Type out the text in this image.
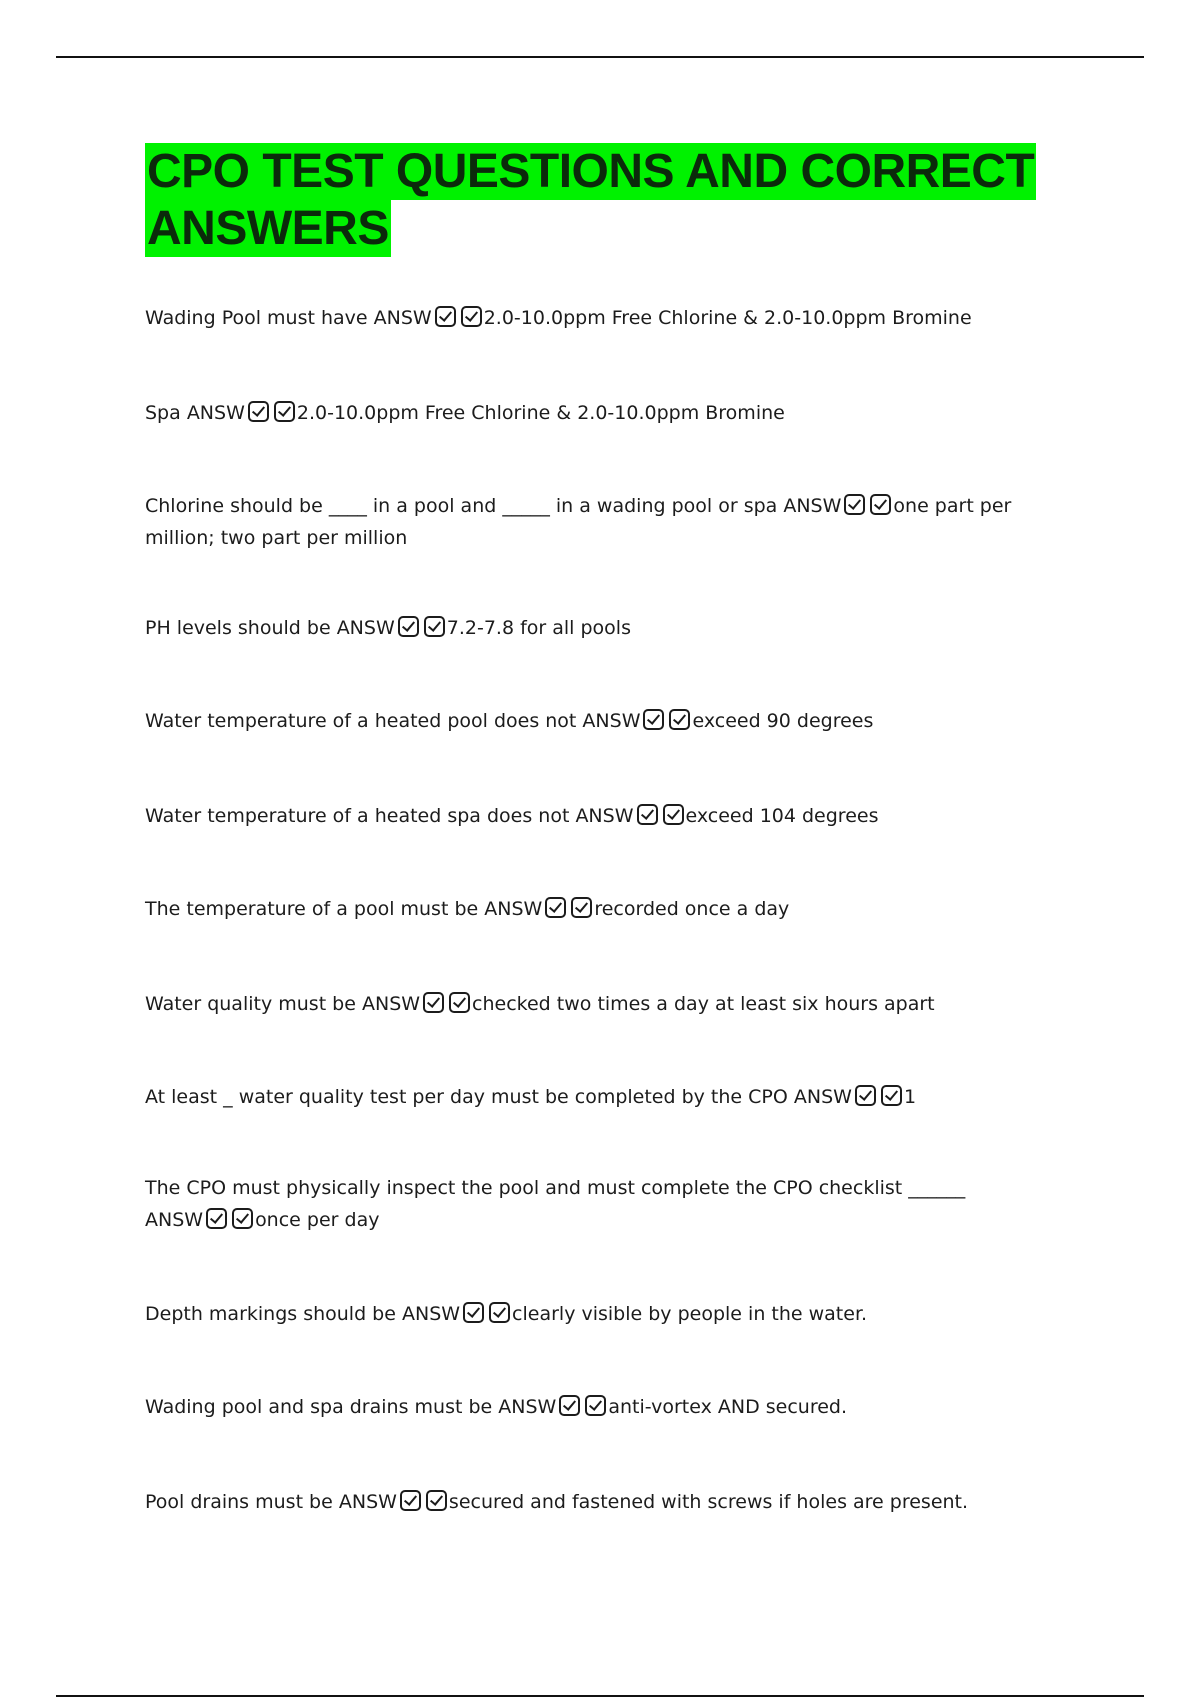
CPO TEST QUESTIONS AND CORRECT
ANSWERS
Wading Pool must have ANSW	2.0-10.0ppm Free Chlorine & 2.0-10.0ppm Bromine
Spa ANSW	2.0-10.0ppm Free Chlorine & 2.0-10.0ppm Bromine
Chlorine should be ____ in a pool and _____ in a wading pool or spa ANSW	one part per million; two part per million
PH levels should be ANSW	7.2-7.8 for all pools
Water temperature of a heated pool does not ANSW	exceed 90 degrees
Water temperature of a heated spa does not ANSW	exceed 104 degrees
The temperature of a pool must be ANSW	recorded once a day
Water quality must be ANSW	checked two times a day at least six hours apart
At least _ water quality test per day must be completed by the CPO ANSW	1
The CPO must physically inspect the pool and must complete the CPO checklist ______ ANSW	once per day
Depth markings should be ANSW	clearly visible by people in the water.
Wading pool and spa drains must be ANSW	anti-vortex AND secured.
Pool drains must be ANSW	secured and fastened with screws if holes are present.
